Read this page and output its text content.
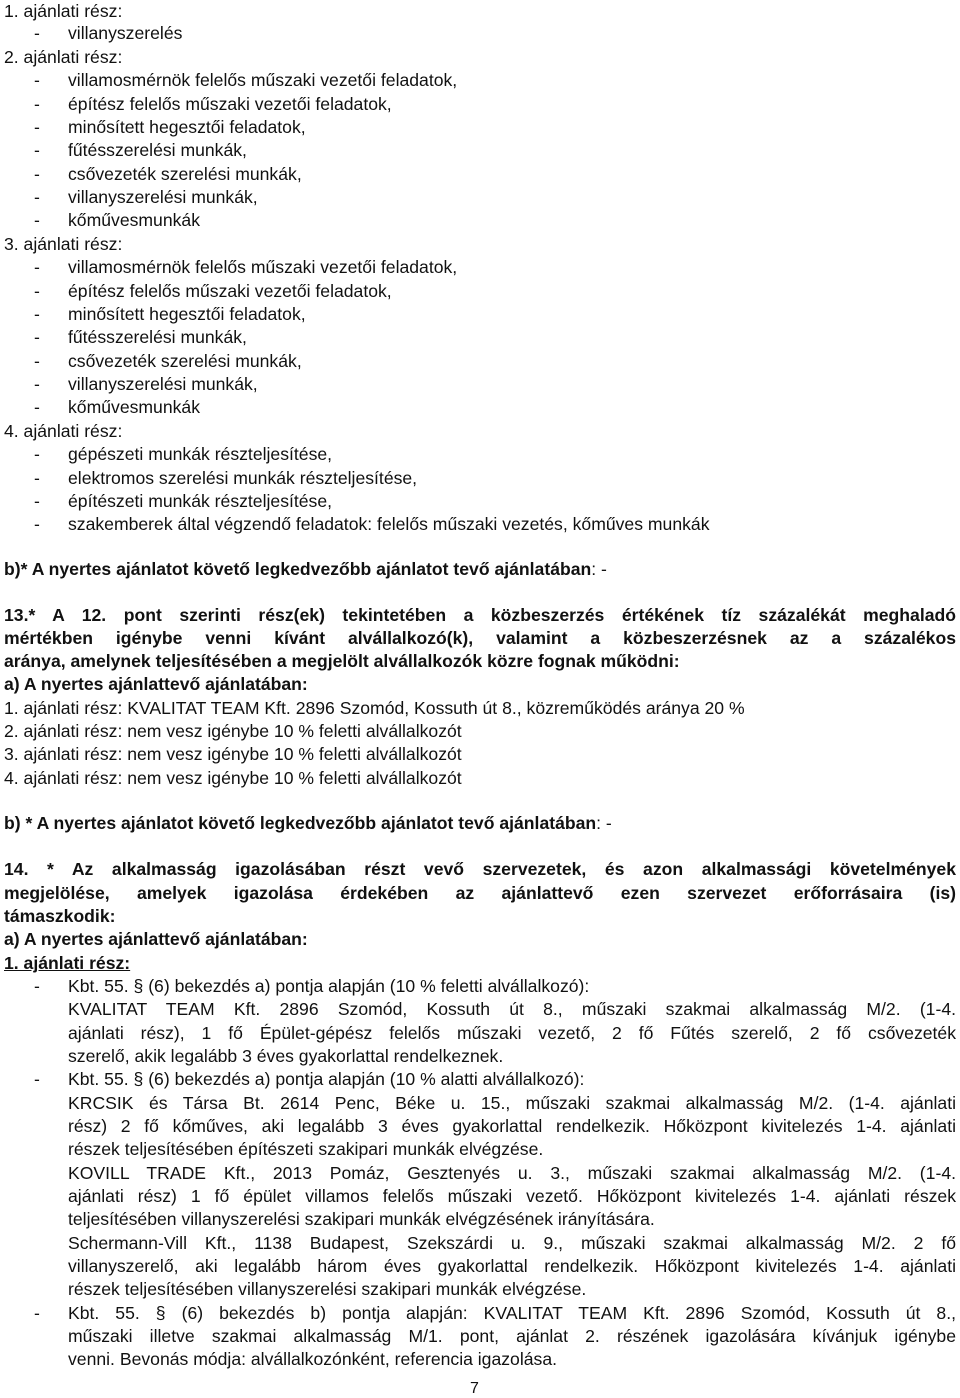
1. ajánlati rész:
- villanyszerelés
2. ajánlati rész:
- villamosmérnök felelős műszaki vezetői feladatok,
- építész felelős műszaki vezetői feladatok,
- minősített hegesztői feladatok,
- fűtésszerelési munkák,
- csővezeték szerelési munkák,
- villanyszerelési munkák,
- kőművesmunkák
3. ajánlati rész:
- villamosmérnök felelős műszaki vezetői feladatok,
- építész felelős műszaki vezetői feladatok,
- minősített hegesztői feladatok,
- fűtésszerelési munkák,
- csővezeték szerelési munkák,
- villanyszerelési munkák,
- kőművesmunkák
4. ajánlati rész:
- gépészeti munkák részteljesítése,
- elektromos szerelési munkák részteljesítése,
- építészeti munkák részteljesítése,
- szakemberek által végzendő feladatok: felelős műszaki vezetés, kőműves munkák
b)* A nyertes ajánlatot követő legkedvezőbb ajánlatot tevő ajánlatában: -
13.* A 12. pont szerinti rész(ek) tekintetében a közbeszerzés értékének tíz százalékát meghaladó
mértékben igénybe venni kívánt alvállalkozó(k), valamint a közbeszerzésnek az a százalékos
aránya, amelynek teljesítésében a megjelölt alvállalkozók közre fognak működni:
a) A nyertes ajánlattevő ajánlatában:
1. ajánlati rész: KVALITAT TEAM Kft. 2896 Szomód, Kossuth út 8., közreműködés aránya 20 %
2. ajánlati rész: nem vesz igénybe 10 % feletti alvállalkozót
3. ajánlati rész: nem vesz igénybe 10 % feletti alvállalkozót
4. ajánlati rész: nem vesz igénybe 10 % feletti alvállalkozót
b) * A nyertes ajánlatot követő legkedvezőbb ajánlatot tevő ajánlatában: -
14. * Az alkalmasság igazolásában részt vevő szervezetek, és azon alkalmassági követelmények
megjelölése, amelyek igazolása érdekében az ajánlattevő ezen szervezet erőforrásaira (is)
támaszkodik:
a) A nyertes ajánlattevő ajánlatában:
1. ajánlati rész:
- Kbt. 55. § (6) bekezdés a) pontja alapján (10 % feletti alvállalkozó):
KVALITAT TEAM Kft. 2896 Szomód, Kossuth út 8., műszaki szakmai alkalmasság M/2. (1-4.
ajánlati rész), 1 fő Épület-gépész felelős műszaki vezető, 2 fő Fűtés szerelő, 2 fő csővezeték
szerelő, akik legalább 3 éves gyakorlattal rendelkeznek.
- Kbt. 55. § (6) bekezdés a) pontja alapján (10 % alatti alvállalkozó):
KRCSIK és Társa Bt. 2614 Penc, Béke u. 15., műszaki szakmai alkalmasság M/2. (1-4. ajánlati
rész) 2 fő kőműves, aki legalább 3 éves gyakorlattal rendelkezik. Hőközpont kivitelezés 1-4. ajánlati
részek teljesítésében építészeti szakipari munkák elvégzése.
KOVILL TRADE Kft., 2013 Pomáz, Gesztenyés u. 3., műszaki szakmai alkalmasság M/2. (1-4.
ajánlati rész) 1 fő épület villamos felelős műszaki vezető. Hőközpont kivitelezés 1-4. ajánlati részek
teljesítésében villanyszerelési szakipari munkák elvégzésének irányítására.
Schermann-Vill Kft., 1138 Budapest, Szekszárdi u. 9., műszaki szakmai alkalmasság M/2. 2 fő
villanyszerelő, aki legalább három éves gyakorlattal rendelkezik. Hőközpont kivitelezés 1-4. ajánlati
részek teljesítésében villanyszerelési szakipari munkák elvégzése.
- Kbt. 55. § (6) bekezdés b) pontja alapján: KVALITAT TEAM Kft. 2896 Szomód, Kossuth út 8.,
műszaki illetve szakmai alkalmasság M/1. pont, ajánlat 2. részének igazolására kívánjuk igénybe
venni. Bevonás módja: alvállalkozónként, referencia igazolása.
7
